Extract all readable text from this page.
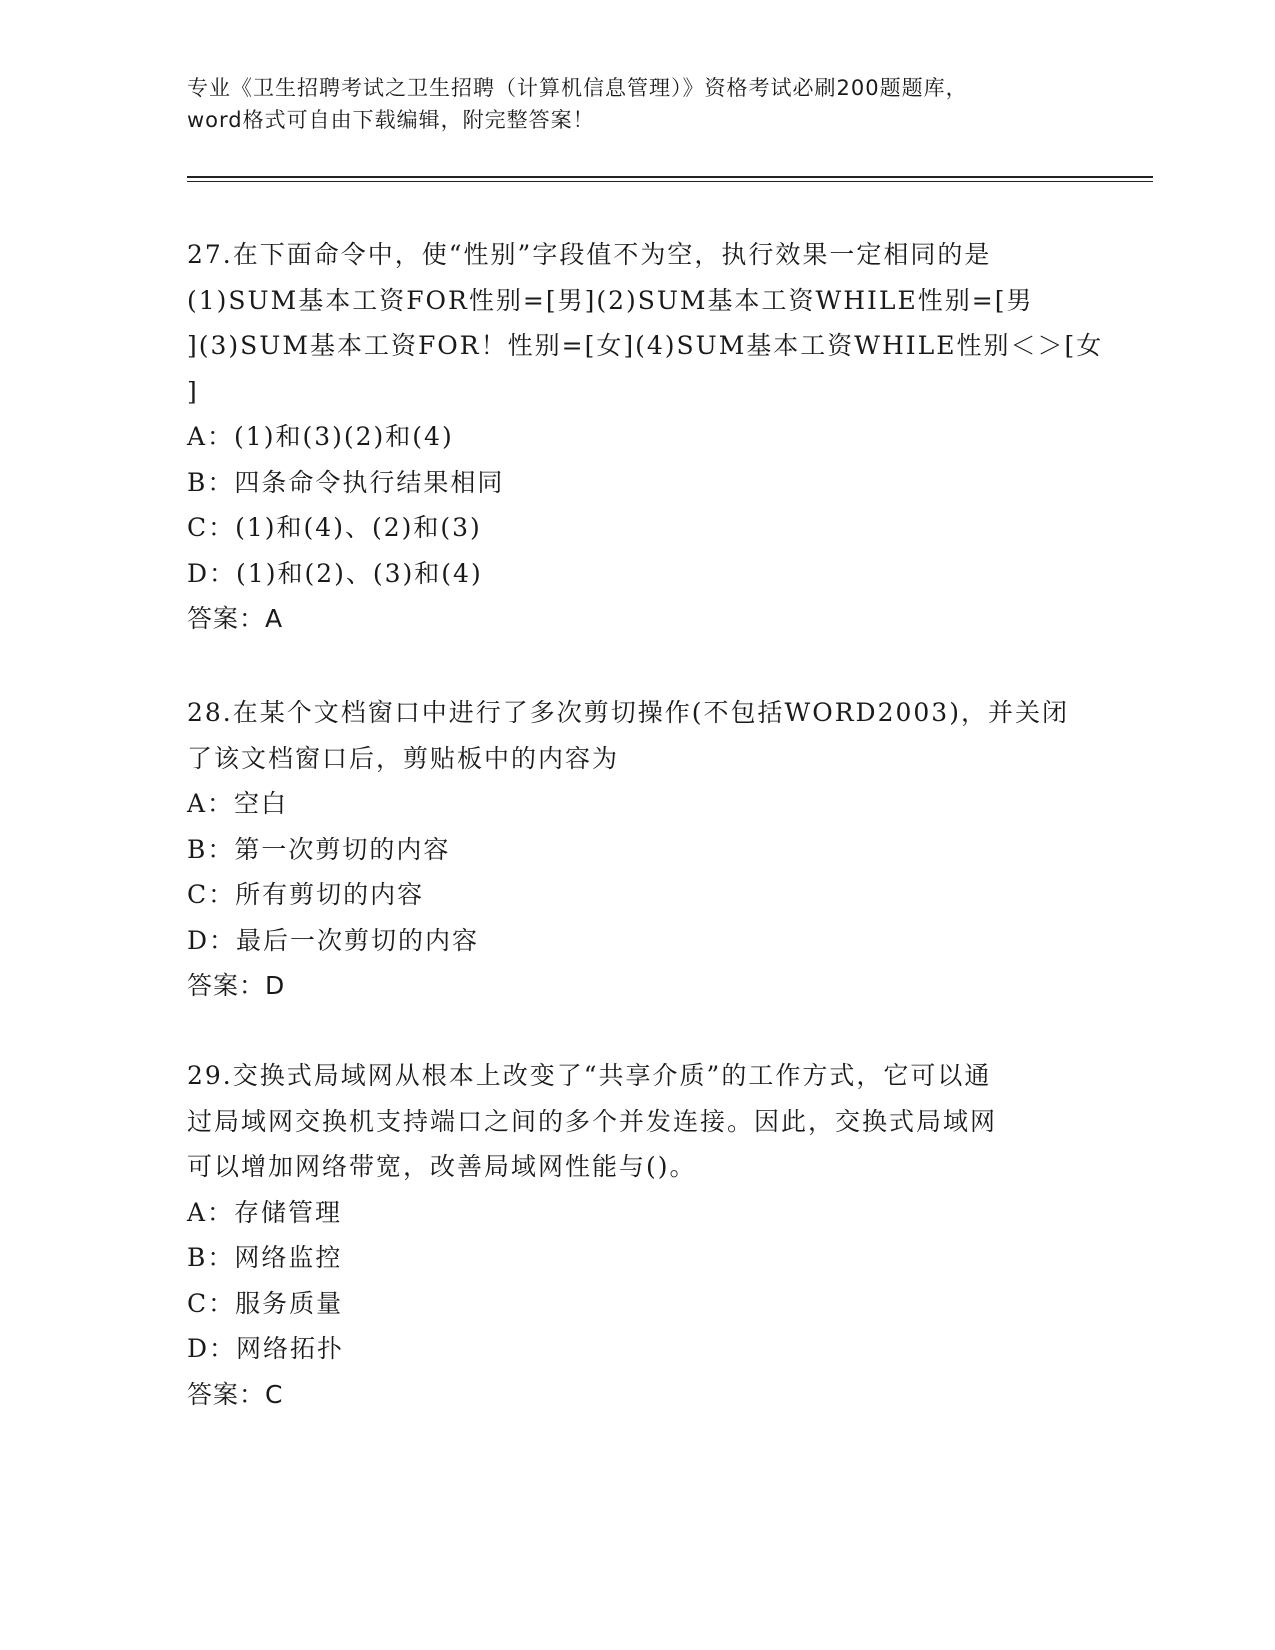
专业《卫生招聘考试之卫生招聘（计算机信息管理）》资格考试必刷200题题库，
word格式可自由下载编辑，附完整答案！
27.在下面命令中，使“性别”字段值不为空，执行效果一定相同的是
(1)SUM基本工资FOR性别=[男](2)SUM基本工资WHILE性别=[男
](3)SUM基本工资FOR！性别=[女](4)SUM基本工资WHILE性别＜＞[女
]
A：(1)和(3)(2)和(4)
B：四条命令执行结果相同
C：(1)和(4)、(2)和(3)
D：(1)和(2)、(3)和(4)
答案：A
28.在某个文档窗口中进行了多次剪切操作(不包括WORD2003)，并关闭
了该文档窗口后，剪贴板中的内容为
A：空白
B：第一次剪切的内容
C：所有剪切的内容
D：最后一次剪切的内容
答案：D
29.交换式局域网从根本上改变了“共享介质”的工作方式，它可以通
过局域网交换机支持端口之间的多个并发连接。因此，交换式局域网
可以增加网络带宽，改善局域网性能与()。
A：存储管理
B：网络监控
C：服务质量
D：网络拓扑
答案：C
